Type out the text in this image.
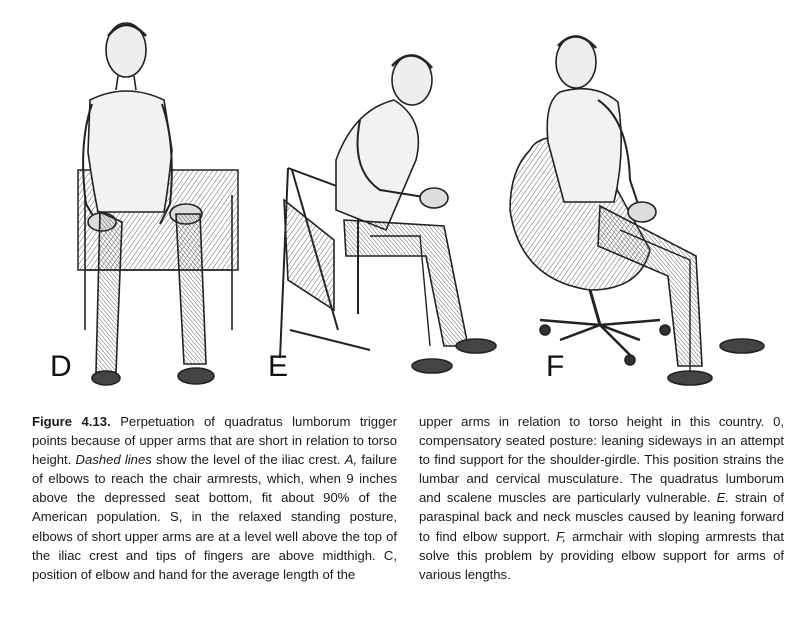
D	E	F
Figure 4.13. Perpetuation of quadratus lumborum trigger points because of upper arms that are short in relation to torso height. Dashed lines show the level of the iliac crest. A, failure of elbows to reach the chair armrests, which, when 9 inches above the depressed seat bottom, fit about 90% of the American population. S, in the relaxed standing posture, elbows of short upper arms are at a level well above the top of the iliac crest and tips of fingers are above midthigh. C, position of elbow and hand for the average length of the
upper arms in relation to torso height in this country. 0, compensatory seated posture: leaning sideways in an attempt to find support for the shoulder-girdle. This position strains the lumbar and cervical musculature. The quadratus lumborum and scalene muscles are particularly vulnerable. E. strain of paraspinal back and neck muscles caused by leaning forward to find elbow support. F, armchair with sloping armrests that solve this problem by providing elbow support for arms of various lengths.
